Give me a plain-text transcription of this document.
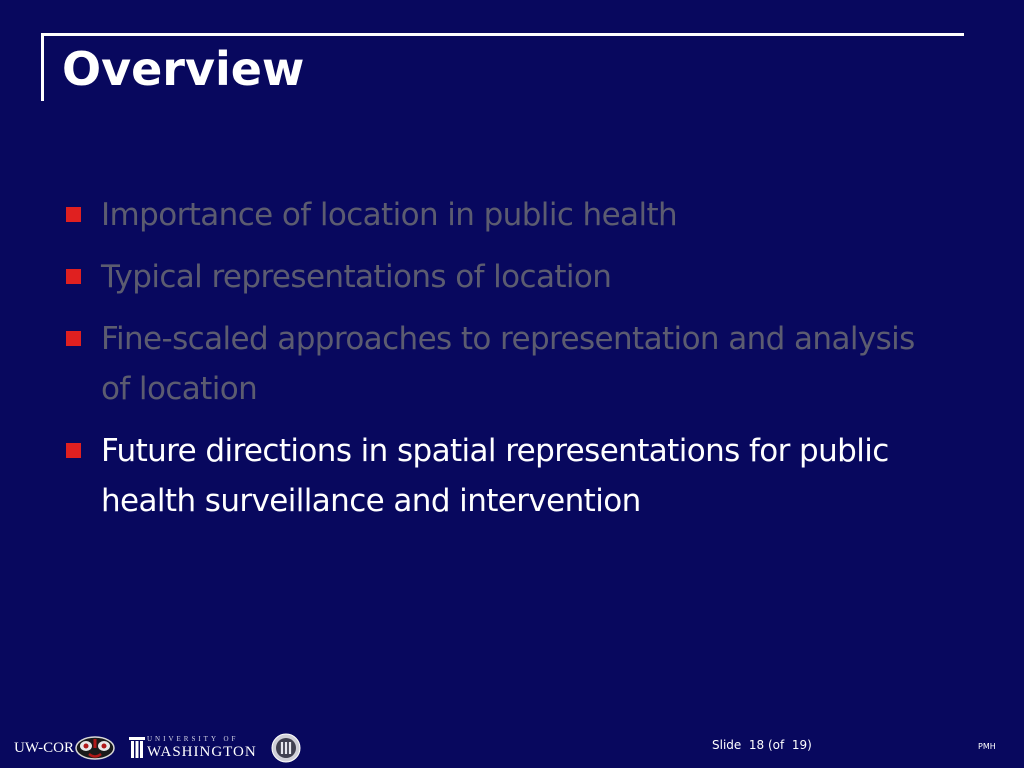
Overview
Importance of location in public health
Typical representations of location
Fine-scaled approaches to representation and analysis of location
Future directions in spatial representations for public health surveillance and intervention
UW-COR
UNIVERSITY OF
WASHINGTON	Slide  18 (of  19)	PMH
